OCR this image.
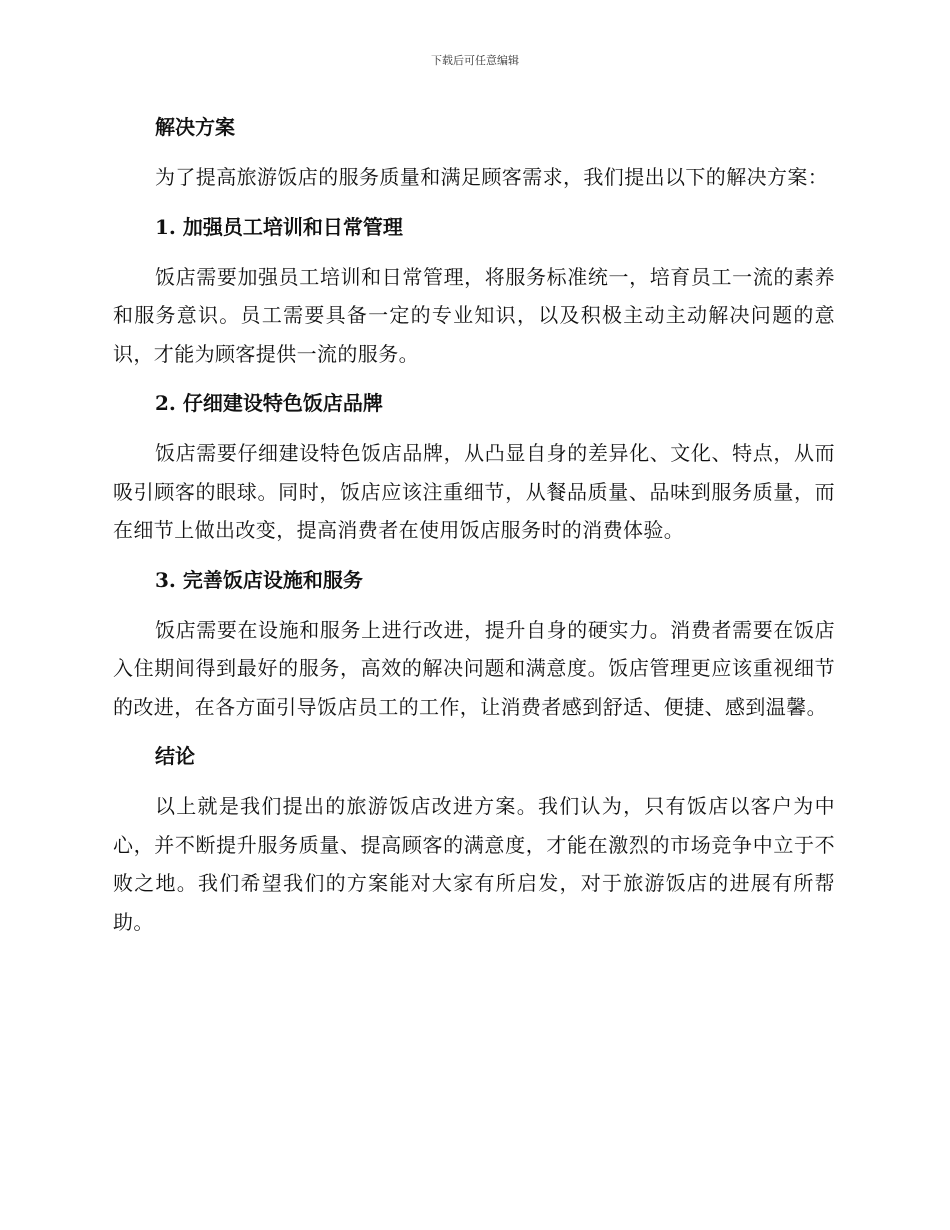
下载后可任意编辑
解决方案

为了提高旅游饭店的服务质量和满足顾客需求，我们提出以下的解决方案：

1. 加强员工培训和日常管理

饭店需要加强员工培训和日常管理，将服务标准统一，培育员工一流的素养和服务意识。员工需要具备一定的专业知识，以及积极主动主动解决问题的意识，才能为顾客提供一流的服务。

2. 仔细建设特色饭店品牌

饭店需要仔细建设特色饭店品牌，从凸显自身的差异化、文化、特点，从而吸引顾客的眼球。同时，饭店应该注重细节，从餐品质量、品味到服务质量，而在细节上做出改变，提高消费者在使用饭店服务时的消费体验。

3. 完善饭店设施和服务

饭店需要在设施和服务上进行改进，提升自身的硬实力。消费者需要在饭店入住期间得到最好的服务，高效的解决问题和满意度。饭店管理更应该重视细节的改进，在各方面引导饭店员工的工作，让消费者感到舒适、便捷、感到温馨。

结论

以上就是我们提出的旅游饭店改进方案。我们认为，只有饭店以客户为中心，并不断提升服务质量、提高顾客的满意度，才能在激烈的市场竞争中立于不败之地。我们希望我们的方案能对大家有所启发，对于旅游饭店的进展有所帮助。
